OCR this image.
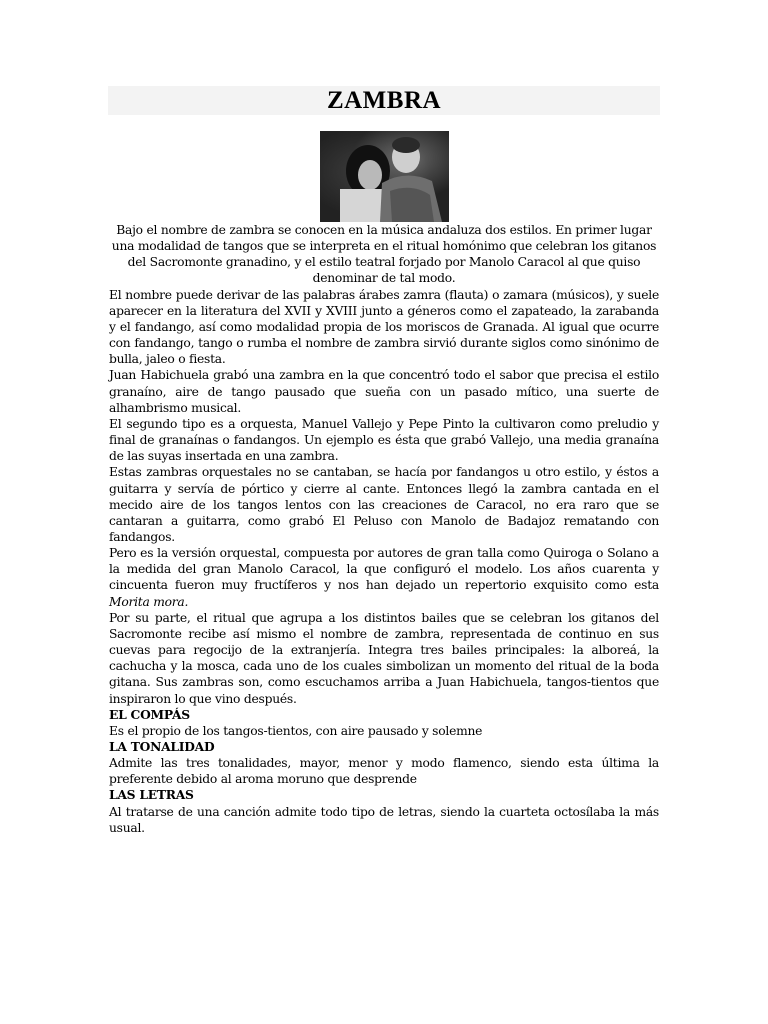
ZAMBRA

Bajo el nombre de zambra se conocen en la música andaluza dos estilos. En primer lugar una modalidad de tangos que se interpreta en el ritual homónimo que celebran los gitanos del Sacromonte granadino, y el estilo teatral forjado por Manolo Caracol al que quiso denominar de tal modo.

El nombre puede derivar de las palabras árabes zamra (flauta) o zamara (músicos), y suele aparecer en la literatura del XVII y XVIII junto a géneros como el zapateado, la zarabanda y el fandango, así como modalidad propia de los moriscos de Granada. Al igual que ocurre con fandango, tango o rumba el nombre de zambra sirvió durante siglos como sinónimo de bulla, jaleo o fiesta.

Juan Habichuela grabó una zambra en la que concentró todo el sabor que precisa el estilo granaíno, aire de tango pausado que sueña con un pasado mítico, una suerte de alhambrismo musical.

El segundo tipo es a orquesta, Manuel Vallejo y Pepe Pinto la cultivaron como preludio y final de granaínas o fandangos. Un ejemplo es ésta que grabó Vallejo, una media granaína de las suyas insertada en una zambra.

Estas zambras orquestales no se cantaban, se hacía por fandangos u otro estilo, y éstos a guitarra y servía de pórtico y cierre al cante. Entonces llegó la zambra cantada en el mecido aire de los tangos lentos con las creaciones de Caracol, no era raro que se cantaran a guitarra, como grabó El Peluso con Manolo de Badajoz rematando con fandangos.

Pero es la versión orquestal, compuesta por autores de gran talla como Quiroga o Solano a la medida del gran Manolo Caracol, la que configuró el modelo. Los años cuarenta y cincuenta fueron muy fructíferos y nos han dejado un repertorio exquisito como esta Morita mora.

Por su parte, el ritual que agrupa a los distintos bailes que se celebran los gitanos del Sacromonte recibe así mismo el nombre de zambra, representada de continuo en sus cuevas para regocijo de la extranjería. Integra tres bailes principales: la alboreá, la cachucha y la mosca, cada uno de los cuales simbolizan un momento del ritual de la boda gitana. Sus zambras son, como escuchamos arriba a Juan Habichuela, tangos-tientos que inspiraron lo que vino después.

EL COMPÁS

Es el propio de los tangos-tientos, con aire pausado y solemne

LA TONALIDAD

Admite las tres tonalidades, mayor, menor y modo flamenco, siendo esta última la preferente debido al aroma moruno que desprende

LAS LETRAS

Al tratarse de una canción admite todo tipo de letras, siendo la cuarteta octosílaba la más usual.
